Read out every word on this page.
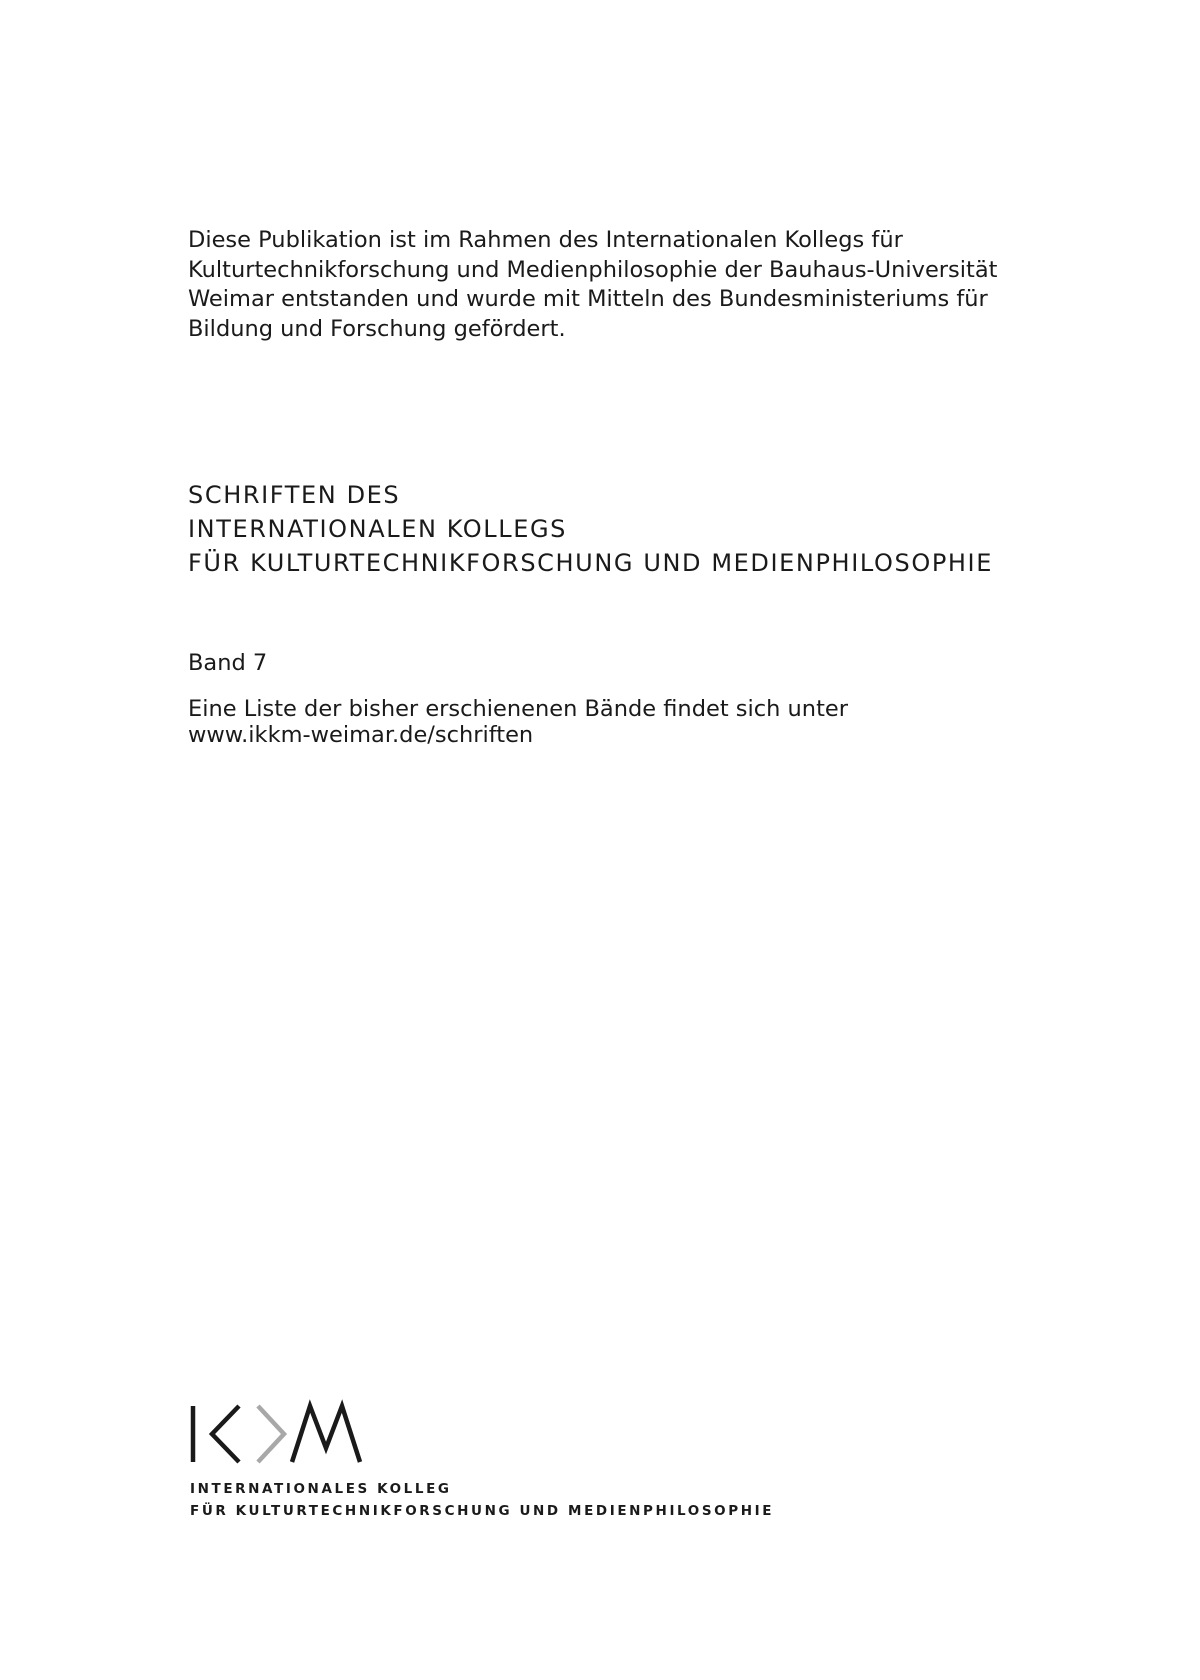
Diese Publikation ist im Rahmen des Internationalen Kollegs für
Kulturtechnikforschung und Medienphilosophie der Bauhaus-Universität
Weimar entstanden und wurde mit Mitteln des Bundesministeriums für
Bildung und Forschung gefördert.

SCHRIFTEN DES
INTERNATIONALEN KOLLEGS
FÜR KULTURTECHNIKFORSCHUNG UND MEDIENPHILOSOPHIE

Band 7

Eine Liste der bisher erschienenen Bände findet sich unter
www.ikkm-weimar.de/schriften

INTERNATIONALES KOLLEG
FÜR KULTURTECHNIKFORSCHUNG UND MEDIENPHILOSOPHIE
